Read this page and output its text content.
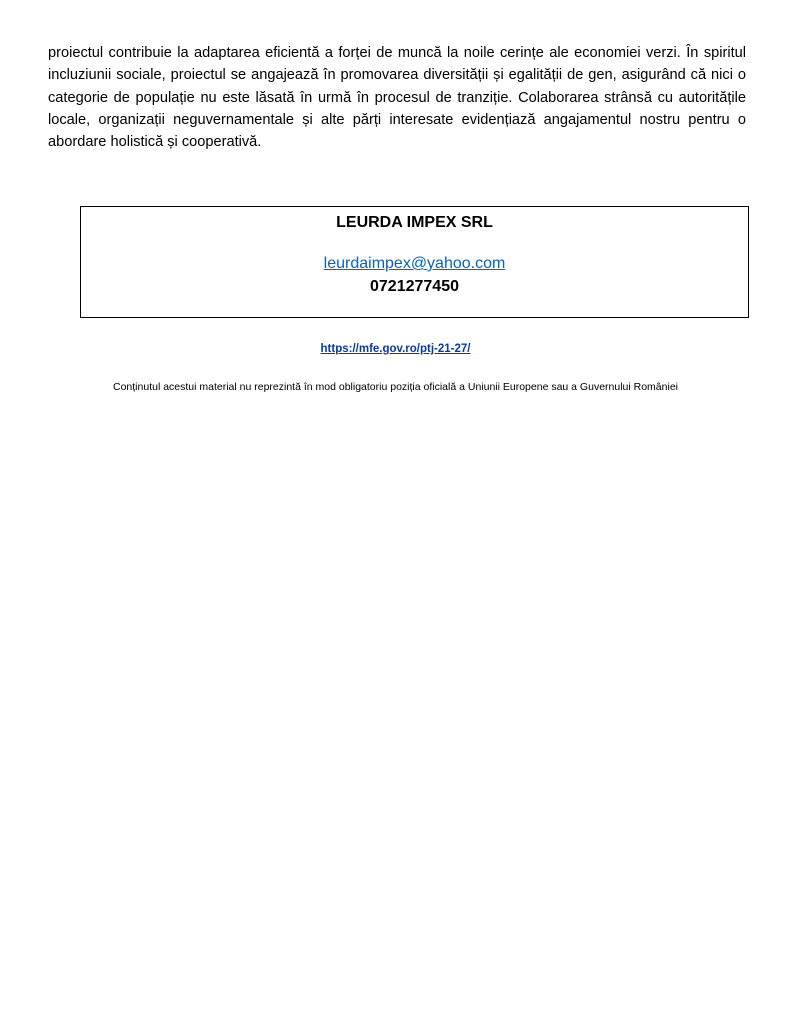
proiectul contribuie la adaptarea eficientă a forței de muncă la noile cerințe ale economiei verzi. În spiritul incluziunii sociale, proiectul se angajează în promovarea diversității și egalității de gen, asigurând că nici o categorie de populație nu este lăsată în urmă în procesul de tranziție. Colaborarea strânsă cu autoritățile locale, organizații neguvernamentale și alte părți interesate evidențiază angajamentul nostru pentru o abordare holistică și cooperativă.

LEURDA IMPEX SRL
leurdaimpex@yahoo.com
0721277450
https://mfe.gov.ro/ptj-21-27/
Conținutul acestui material nu reprezintă în mod obligatoriu poziția oficială a Uniunii Europene sau a Guvernului României
